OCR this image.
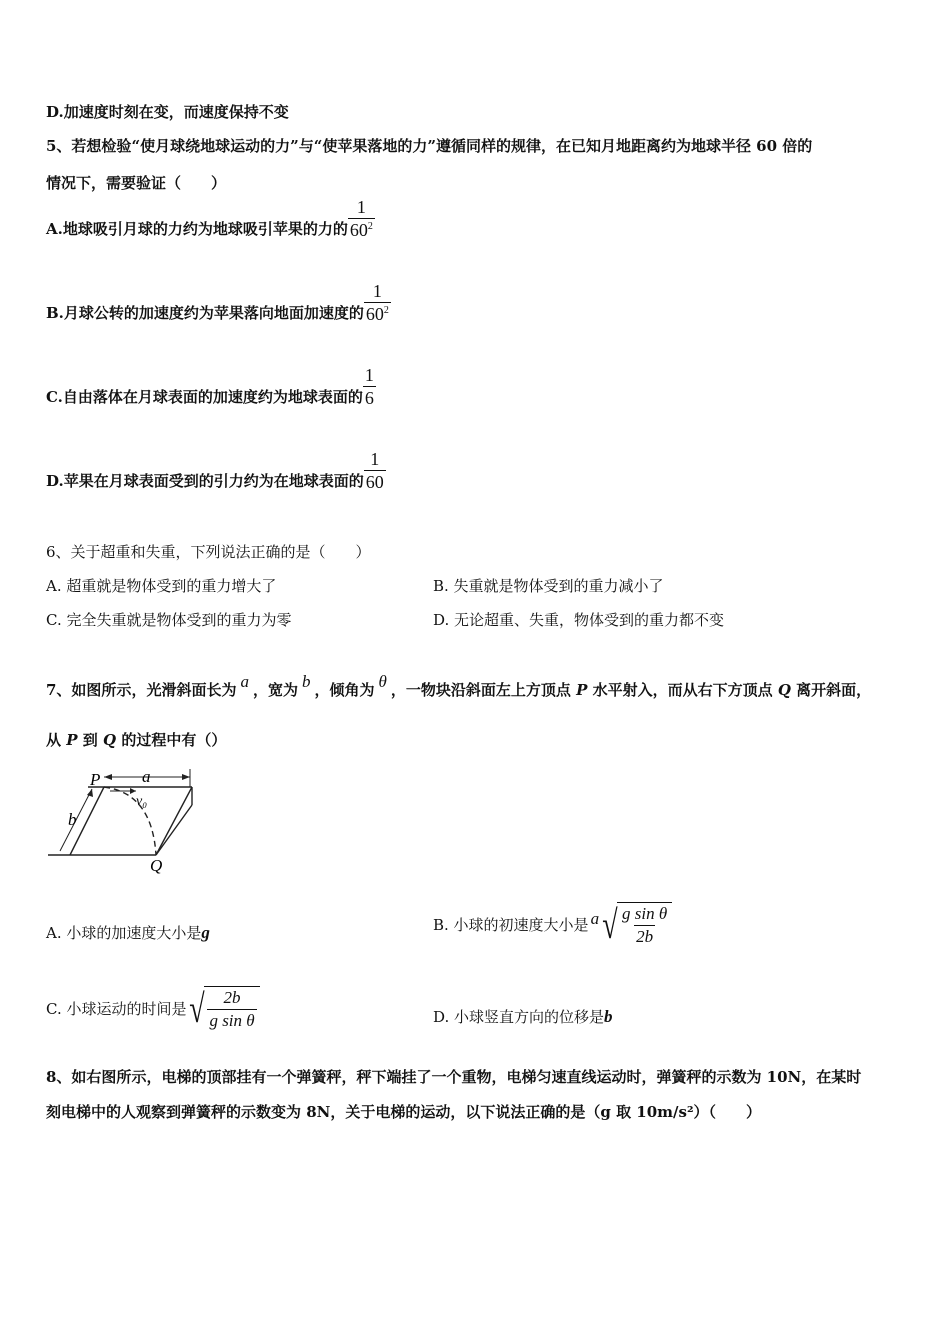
D.加速度时刻在变，而速度保持不变
5、若想检验“使月球绕地球运动的力”与“使苹果落地的力”遵循同样的规律，在已知月地距离约为地球半径 60 倍的
情况下，需要验证（　　）
A.地球吸引月球的力约为地球吸引苹果的力的 $\frac{1}{60^2}$
B.月球公转的加速度约为苹果落向地面加速度的 $\frac{1}{60^2}$
C.自由落体在月球表面的加速度约为地球表面的 $\frac{1}{6}$
D.苹果在月球表面受到的引力约为在地球表面的 $\frac{1}{60}$
6、关于超重和失重，下列说法正确的是（　　）
A. 超重就是物体受到的重力增大了	B. 失重就是物体受到的重力减小了
C. 完全失重就是物体受到的重力为零	D. 无论超重、失重，物体受到的重力都不变
7、如图所示，光滑斜面长为 a ，宽为 b ，倾角为 θ ，一物块沿斜面左上方顶点 P 水平射入，而从右下方顶点 Q 离开斜面，
从 P 到 Q 的过程中有（）
P a
v₀
b
Q
A. 小球的加速度大小是g	B. 小球的初速度大小是 a √ $\frac{\text{g sin θ}}{2b}$
C. 小球运动的时间是 √ $\frac{2b}{\text{g sin θ}}$	D. 小球竖直方向的位移是b
8、如右图所示，电梯的顶部挂有一个弹簧秤，秤下端挂了一个重物，电梯匀速直线运动时，弹簧秤的示数为 10N，在某时
刻电梯中的人观察到弹簧秤的示数变为 8N，关于电梯的运动，以下说法正确的是（g 取 10m/s²）（　　）
